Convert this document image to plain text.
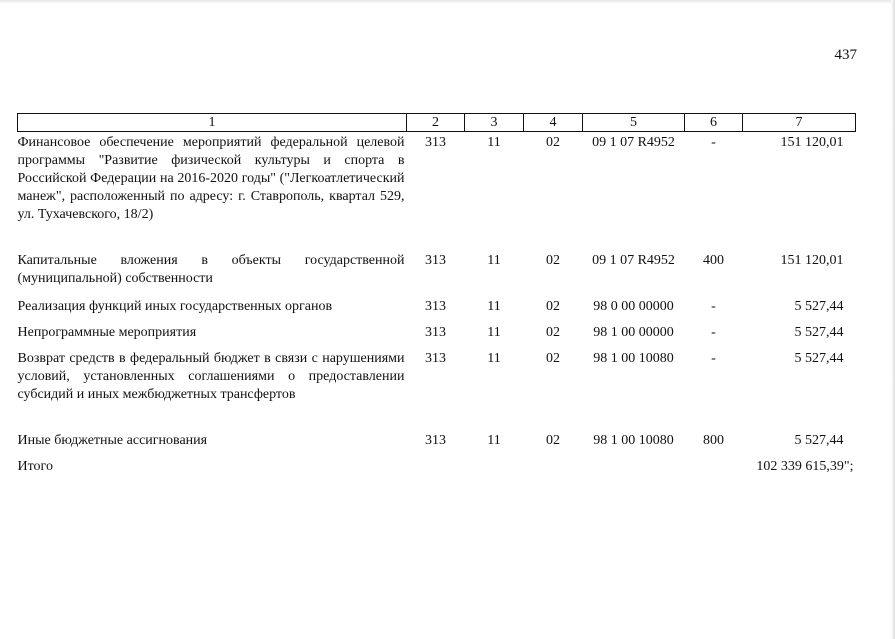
437
1	2	3	4	5	6	7
Финансовое обеспечение мероприятий федеральной целевой программы "Развитие физической культуры и спорта в Российской Федерации на 2016-2020 годы" ("Легкоатлетический манеж", расположенный по адресу: г. Ставрополь, квартал 529, ул. Тухачевского, 18/2)	313	11	02	09 1 07 R4952	-	151 120,01
Капитальные вложения в объекты государственной (муниципальной) собственности	313	11	02	09 1 07 R4952	400	151 120,01
Реализация функций иных государственных органов	313	11	02	98 0 00 00000	-	5 527,44
Непрограммные мероприятия	313	11	02	98 1 00 00000	-	5 527,44
Возврат средств в федеральный бюджет в связи с нарушениями условий, установленных соглашениями о предоставлении субсидий и иных межбюджетных трансфертов	313	11	02	98 1 00 10080	-	5 527,44
Иные бюджетные ассигнования	313	11	02	98 1 00 10080	800	5 527,44
Итого						102 339 615,39";
